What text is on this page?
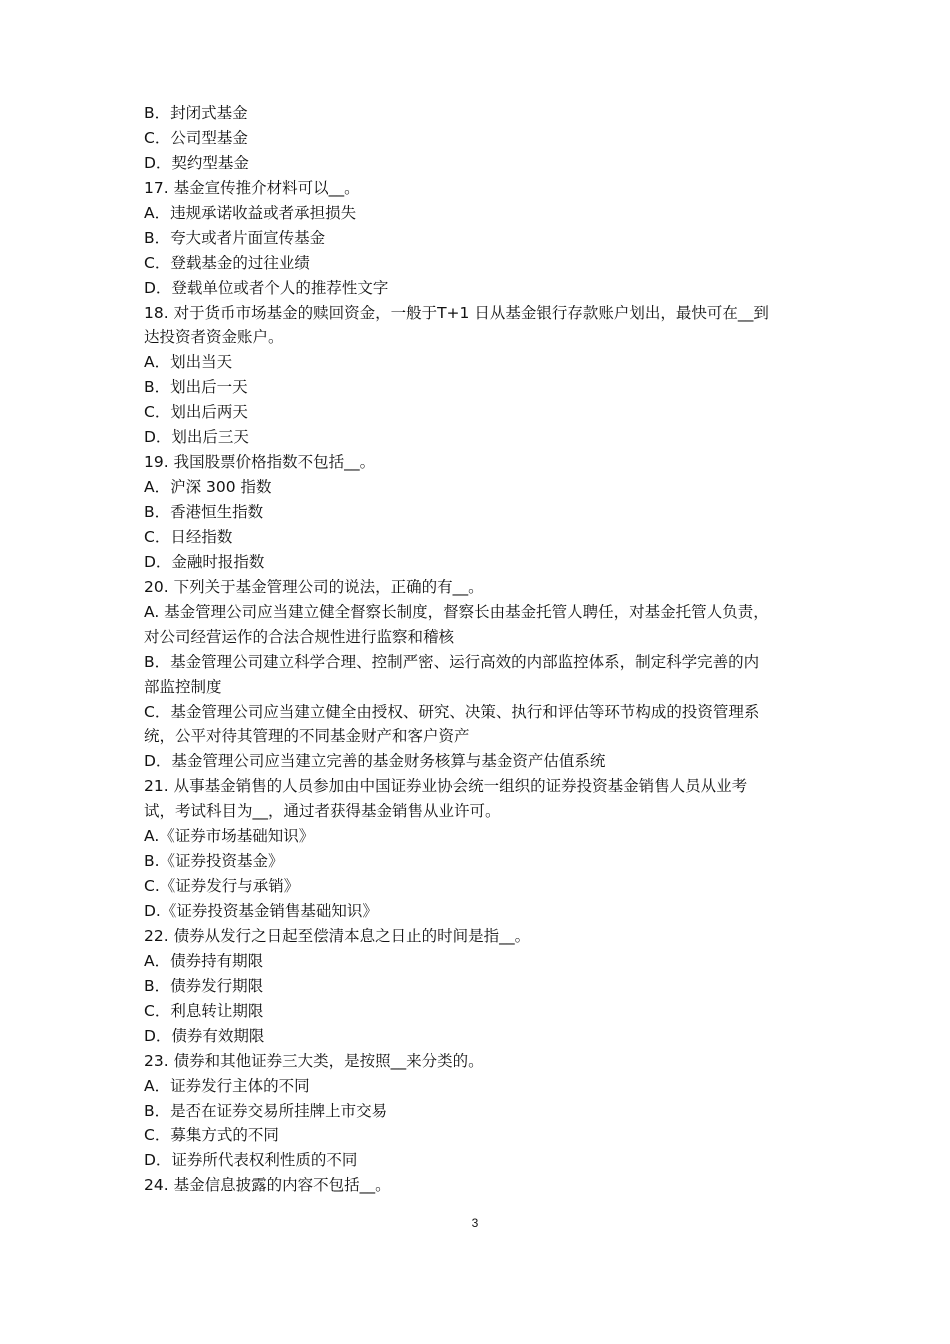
B．封闭式基金
C．公司型基金
D．契约型基金
17. 基金宣传推介材料可以__。
A．违规承诺收益或者承担损失
B．夸大或者片面宣传基金
C．登载基金的过往业绩
D．登载单位或者个人的推荐性文字
18. 对于货币市场基金的赎回资金，一般于T+1 日从基金银行存款账户划出，最快可在__到
达投资者资金账户。
A．划出当天
B．划出后一天
C．划出后两天
D．划出后三天
19. 我国股票价格指数不包括__。
A．沪深 300 指数
B．香港恒生指数
C．日经指数
D．金融时报指数
20. 下列关于基金管理公司的说法，正确的有__。
A. 基金管理公司应当建立健全督察长制度，督察长由基金托管人聘任，对基金托管人负责，
对公司经营运作的合法合规性进行监察和稽核
B．基金管理公司建立科学合理、控制严密、运行高效的内部监控体系，制定科学完善的内
部监控制度
C．基金管理公司应当建立健全由授权、研究、决策、执行和评估等环节构成的投资管理系
统，公平对待其管理的不同基金财产和客户资产
D．基金管理公司应当建立完善的基金财务核算与基金资产估值系统
21. 从事基金销售的人员参加由中国证券业协会统一组织的证券投资基金销售人员从业考
试，考试科目为__，通过者获得基金销售从业许可。
A.《证券市场基础知识》
B.《证券投资基金》
C.《证券发行与承销》
D.《证券投资基金销售基础知识》
22. 债券从发行之日起至偿清本息之日止的时间是指__。
A．债券持有期限
B．债券发行期限
C．利息转让期限
D．债券有效期限
23. 债券和其他证券三大类，是按照__来分类的。
A．证券发行主体的不同
B．是否在证券交易所挂牌上市交易
C．募集方式的不同
D．证券所代表权利性质的不同
24. 基金信息披露的内容不包括__。
3
